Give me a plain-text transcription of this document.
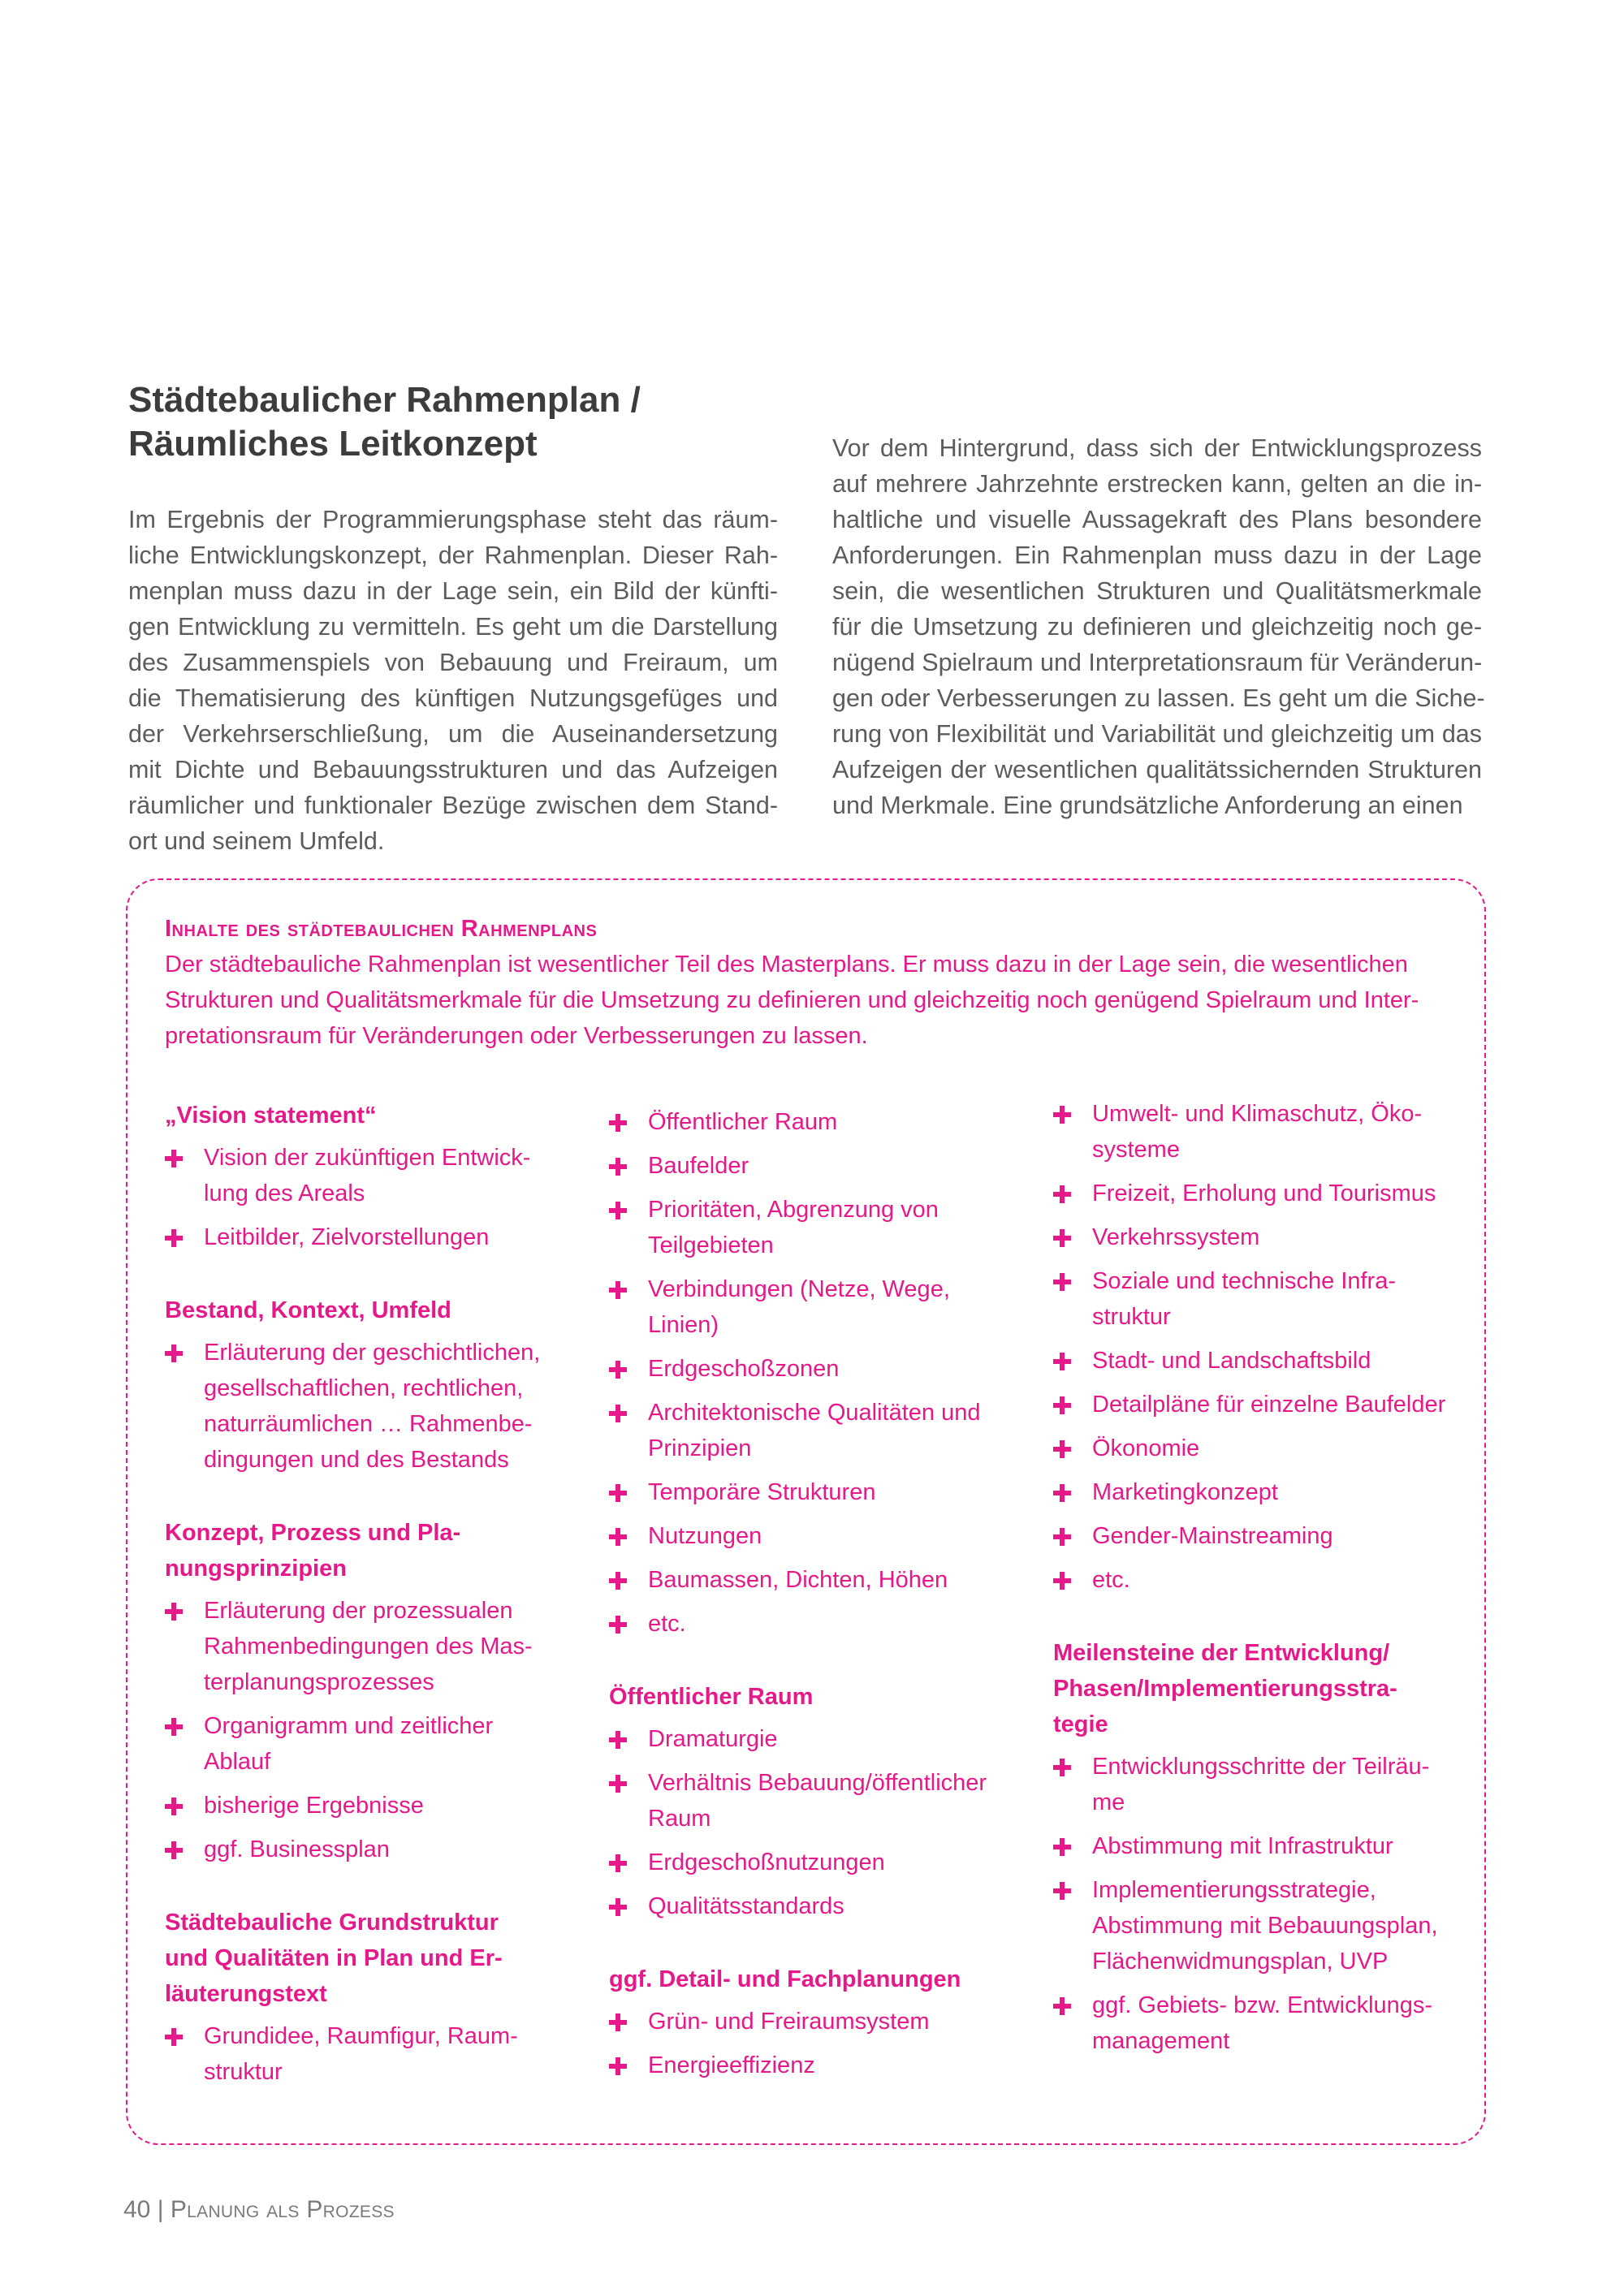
Städtebaulicher Rahmenplan /
Räumliches Leitkonzept
Im Ergebnis der Programmierungsphase steht das räum-
liche Entwicklungskonzept, der Rahmenplan. Dieser Rah-
menplan muss dazu in der Lage sein, ein Bild der künfti-
gen Entwicklung zu vermitteln. Es geht um die Darstellung
des Zusammenspiels von Bebauung und Freiraum, um
die Thematisierung des künftigen Nutzungsgefüges und
der Verkehrserschließung, um die Auseinandersetzung
mit Dichte und Bebauungsstrukturen und das Aufzeigen
räumlicher und funktionaler Bezüge zwischen dem Stand-
ort und seinem Umfeld.
Vor dem Hintergrund, dass sich der Entwicklungsprozess
auf mehrere Jahrzehnte erstrecken kann, gelten an die in-
haltliche und visuelle Aussagekraft des Plans besondere
Anforderungen. Ein Rahmenplan muss dazu in der Lage
sein, die wesentlichen Strukturen und Qualitätsmerkmale
für die Umsetzung zu definieren und gleichzeitig noch ge-
nügend Spielraum und Interpretationsraum für Veränderun-
gen oder Verbesserungen zu lassen. Es geht um die Siche-
rung von Flexibilität und Variabilität und gleichzeitig um das
Aufzeigen der wesentlichen qualitätssichernden Strukturen
und Merkmale. Eine grundsätzliche Anforderung an einen
Inhalte des städtebaulichen Rahmenplans
Der städtebauliche Rahmenplan ist wesentlicher Teil des Masterplans. Er muss dazu in der Lage sein, die wesentlichen
Strukturen und Qualitätsmerkmale für die Umsetzung zu definieren und gleichzeitig noch genügend Spielraum und Inter-
pretationsraum für Veränderungen oder Verbesserungen zu lassen.
„Vision statement“
Vision der zukünftigen Entwick-
lung des Areals
Leitbilder, Zielvorstellungen
Bestand, Kontext, Umfeld
Erläuterung der geschichtlichen,
gesellschaftlichen, rechtlichen,
naturräumlichen … Rahmenbe-
dingungen und des Bestands
Konzept, Prozess und Pla-
nungsprinzipien
Erläuterung der prozessualen
Rahmenbedingungen des Mas-
terplanungsprozesses
Organigramm und zeitlicher
Ablauf
bisherige Ergebnisse
ggf. Businessplan
Städtebauliche Grundstruktur
und Qualitäten in Plan und Er-
läuterungstext
Grundidee, Raumfigur, Raum-
struktur
Öffentlicher Raum
Baufelder
Prioritäten, Abgrenzung von
Teilgebieten
Verbindungen (Netze, Wege,
Linien)
Erdgeschoßzonen
Architektonische Qualitäten und
Prinzipien
Temporäre Strukturen
Nutzungen
Baumassen, Dichten, Höhen
etc.
Öffentlicher Raum
Dramaturgie
Verhältnis Bebauung/öffentlicher
Raum
Erdgeschoßnutzungen
Qualitätsstandards
ggf. Detail- und Fachplanungen
Grün- und Freiraumsystem
Energieeffizienz
Umwelt- und Klimaschutz, Öko-
systeme
Freizeit, Erholung und Tourismus
Verkehrssystem
Soziale und technische Infra-
struktur
Stadt- und Landschaftsbild
Detailpläne für einzelne Baufelder
Ökonomie
Marketingkonzept
Gender-Mainstreaming
etc.
Meilensteine der Entwicklung/
Phasen/Implementierungsstra-
tegie
Entwicklungsschritte der Teilräu-
me
Abstimmung mit Infrastruktur
Implementierungsstrategie,
Abstimmung mit Bebauungsplan,
Flächenwidmungsplan, UVP
ggf. Gebiets- bzw. Entwicklungs-
management
40 | Planung als Prozess
